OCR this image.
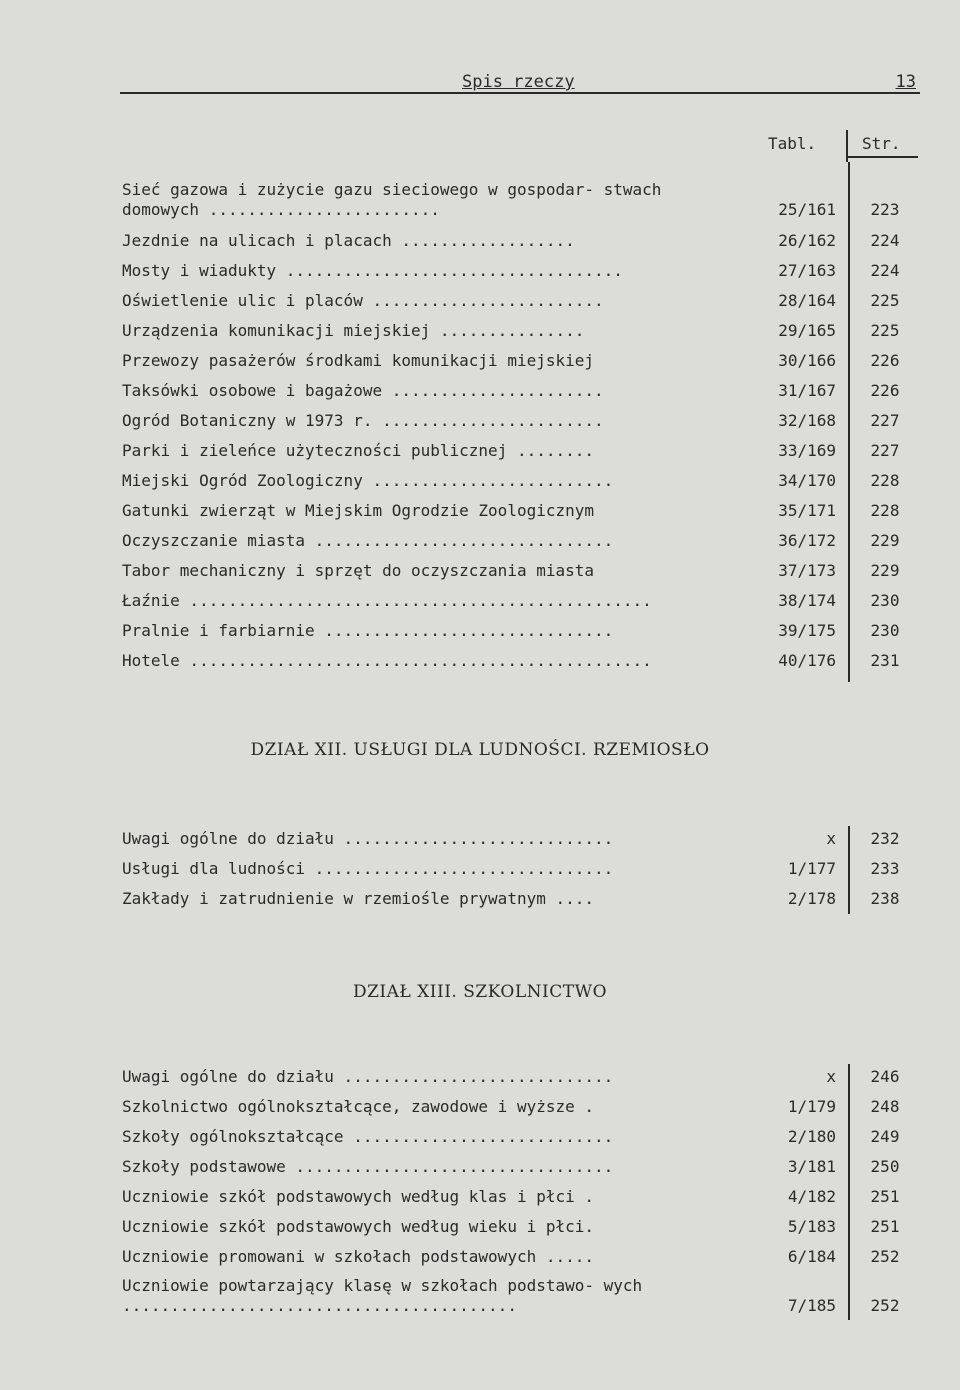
Spis rzeczy	13
Tabl.	Str.
Sieć gazowa i zużycie gazu sieciowego w gospodar- stwach domowych ........................	25/161	223
Jezdnie na ulicach i placach ..................	26/162	224
Mosty i wiadukty ...................................	27/163	224
Oświetlenie ulic i placów ........................	28/164	225
Urządzenia komunikacji miejskiej ...............	29/165	225
Przewozy pasażerów środkami komunikacji miejskiej	30/166	226
Taksówki osobowe i bagażowe ......................	31/167	226
Ogród Botaniczny w 1973 r. .......................	32/168	227
Parki i zieleńce użyteczności publicznej ........	33/169	227
Miejski Ogród Zoologiczny .........................	34/170	228
Gatunki zwierząt w Miejskim Ogrodzie Zoologicznym	35/171	228
Oczyszczanie miasta ...............................	36/172	229
Tabor mechaniczny i sprzęt do oczyszczania miasta	37/173	229
Łaźnie ................................................	38/174	230
Pralnie i farbiarnie ..............................	39/175	230
Hotele ................................................	40/176	231
DZIAŁ XII. USŁUGI DLA LUDNOŚCI. RZEMIOSŁO
Uwagi ogólne do działu ............................	x	232
Usługi dla ludności ...............................	1/177	233
Zakłady i zatrudnienie w rzemiośle prywatnym ....	2/178	238
DZIAŁ XIII. SZKOLNICTWO
Uwagi ogólne do działu ............................	x	246
Szkolnictwo ogólnokształcące, zawodowe i wyższe .	1/179	248
Szkoły ogólnokształcące ...........................	2/180	249
Szkoły podstawowe .................................	3/181	250
Uczniowie szkół podstawowych według klas i płci .	4/182	251
Uczniowie szkół podstawowych według wieku i płci.	5/183	251
Uczniowie promowani w szkołach podstawowych .....	6/184	252
Uczniowie powtarzający klasę w szkołach podstawo- wych .........................................	7/185	252
